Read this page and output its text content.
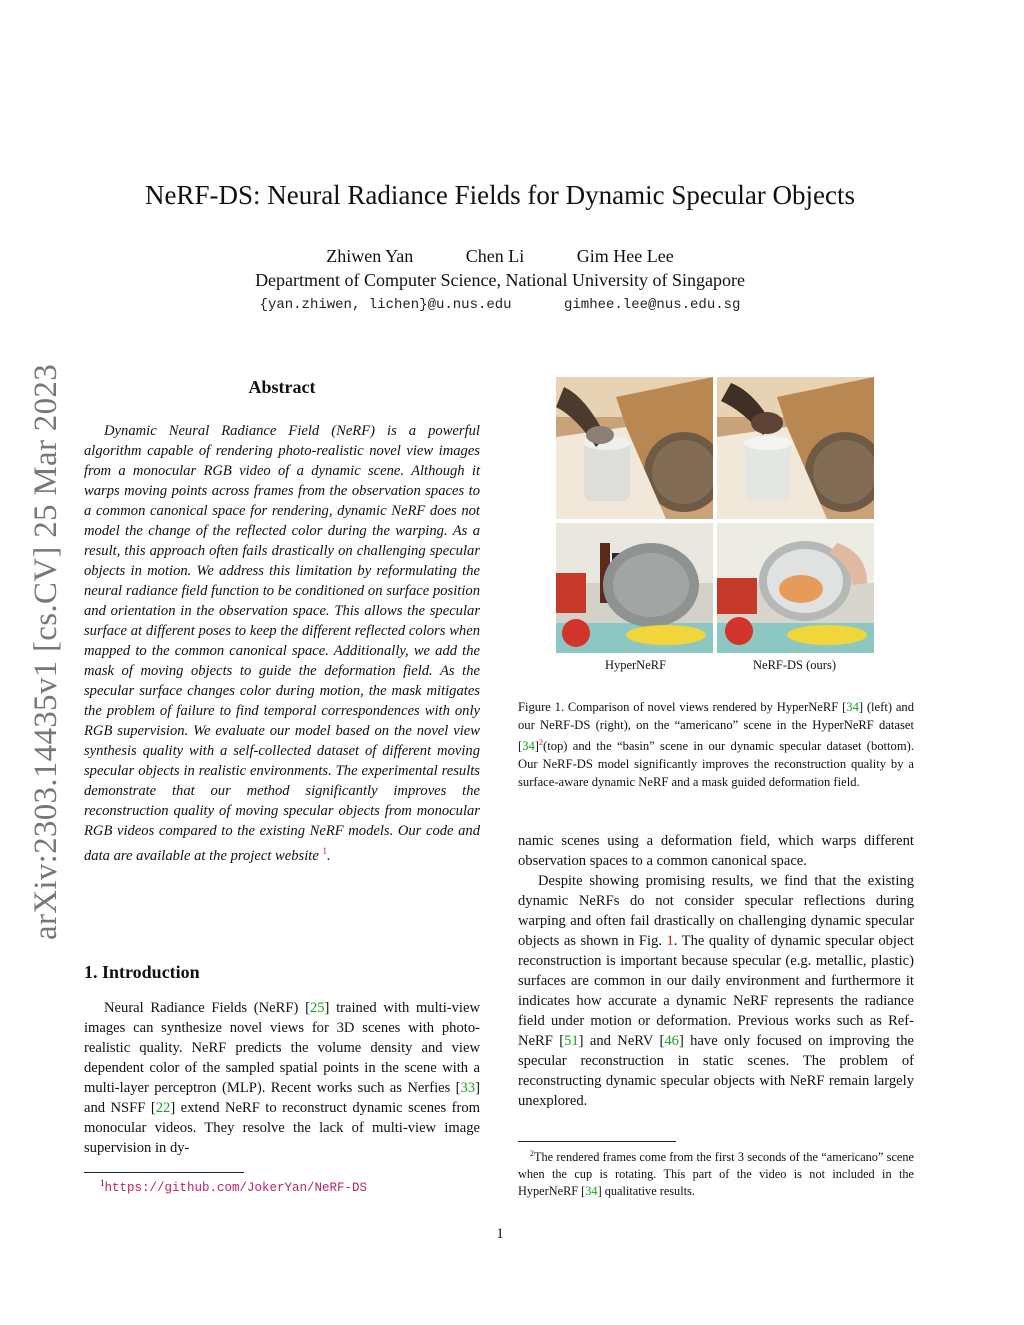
NeRF-DS: Neural Radiance Fields for Dynamic Specular Objects
Zhiwen Yan	Chen Li	Gim Hee Lee
Department of Computer Science, National University of Singapore
{yan.zhiwen, lichen}@u.nus.edu	gimhee.lee@nus.edu.sg
arXiv:2303.14435v1 [cs.CV] 25 Mar 2023	Abstract
Dynamic Neural Radiance Field (NeRF) is a powerful algorithm capable of rendering photo-realistic novel view images from a monocular RGB video of a dynamic scene. Although it warps moving points across frames from the observation spaces to a common canonical space for rendering, dynamic NeRF does not model the change of the reflected color during the warping. As a result, this approach often fails drastically on challenging specular objects in motion. We address this limitation by reformulating the neural radiance field function to be conditioned on surface position and orientation in the observation space. This allows the specular surface at different poses to keep the different reflected colors when mapped to the common canonical space. Additionally, we add the mask of moving objects to guide the deformation field. As the specular surface changes color during motion, the mask mitigates the problem of failure to find temporal correspondences with only RGB supervision. We evaluate our model based on the novel view synthesis quality with a self-collected dataset of different moving specular objects in realistic environments. The experimental results demonstrate that our method significantly improves the reconstruction quality of moving specular objects from monocular RGB videos compared to the existing NeRF models. Our code and data are available at the project website $^1$.
1. Introduction
Neural Radiance Fields (NeRF) [25] trained with multi-view images can synthesize novel views for 3D scenes with photo-realistic quality. NeRF predicts the volume density and view dependent color of the sampled spatial points in the scene with a multi-layer perceptron (MLP). Recent works such as Nerfies [33] and NSFF [22] extend NeRF to reconstruct dynamic scenes from monocular videos. They resolve the lack of multi-view image supervision in dy-
$^1$https://github.com/JokerYan/NeRF-DS
HyperNeRF	NeRF-DS (ours)
Figure 1. Comparison of novel views rendered by HyperNeRF [34] (left) and our NeRF-DS (right), on the “americano” scene in the HyperNeRF dataset [34]$^2$(top) and the “basin” scene in our dynamic specular dataset (bottom). Our NeRF-DS model significantly improves the reconstruction quality by a surface-aware dynamic NeRF and a mask guided deformation field.

namic scenes using a deformation field, which warps different observation spaces to a common canonical space.

Despite showing promising results, we find that the existing dynamic NeRFs do not consider specular reflections during warping and often fail drastically on challenging dynamic specular objects as shown in Fig. 1. The quality of dynamic specular object reconstruction is important because specular (e.g. metallic, plastic) surfaces are common in our daily environment and furthermore it indicates how accurate a dynamic NeRF represents the radiance field under motion or deformation. Previous works such as Ref-NeRF [51] and NeRV [46] have only focused on improving the specular reconstruction in static scenes. The problem of reconstructing dynamic specular objects with NeRF remain largely unexplored.

$^2$The rendered frames come from the first 3 seconds of the “americano” scene when the cup is rotating. This part of the video is not included in the HyperNeRF [34] qualitative results.
1
